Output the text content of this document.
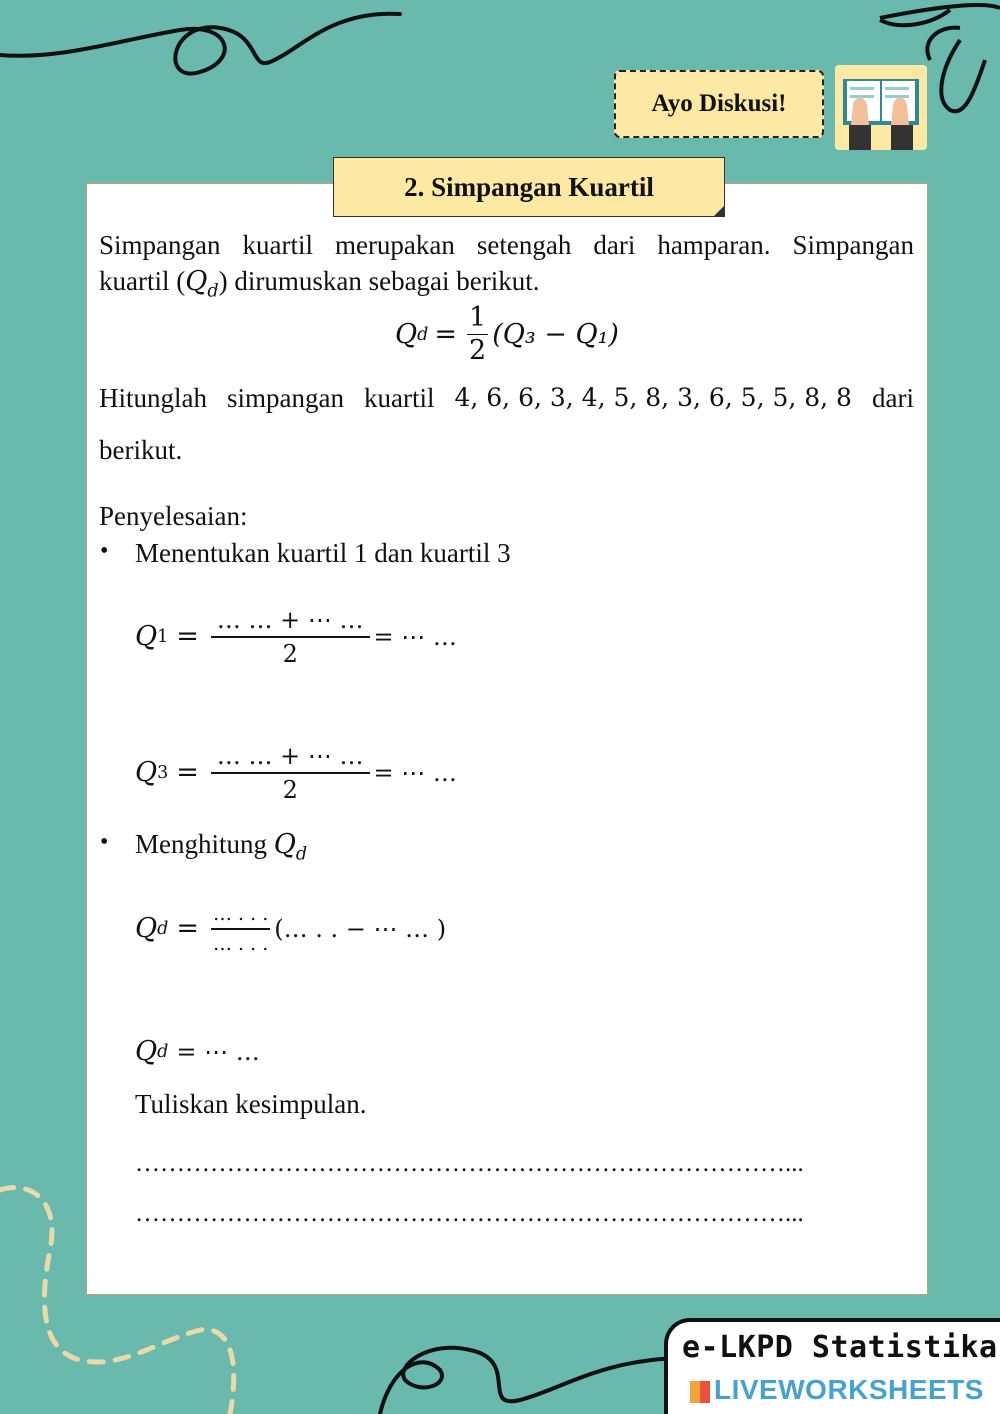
Ayo Diskusi!
2. Simpangan Kuartil
Simpangan kuartil merupakan setengah dari hamparan. Simpangan
kuartil $(Q_d)$ dirumuskan sebagai berikut.
Q $d = \frac{1}{2} (Q_3 - Q_1)$
Hitunglah simpangan kuartil 4, 6, 6, 3, 4, 5, 8, 3, 6, 5, 5, 8, 8 dari
berikut.
Penyelesaian:
• Menentukan kuartil 1 dan kuartil 3
Q $1 = \frac{\dots \dots + \cdots \dots}{2}$ = ⋯ …
Q $3 = \frac{\dots \dots + \cdots \dots}{2}$ = ⋯ …
• Menghitung $Q_d$
Q $d = \frac{\dots . . .}{\dots . . .}$ (… . . − ⋯ … )
Q d = ⋯ …
Tuliskan kesimpulan.
……………………………………………………………………...
……………………………………………………………………...
e-LKPD Statistika
LIVEWORKSHEETS
